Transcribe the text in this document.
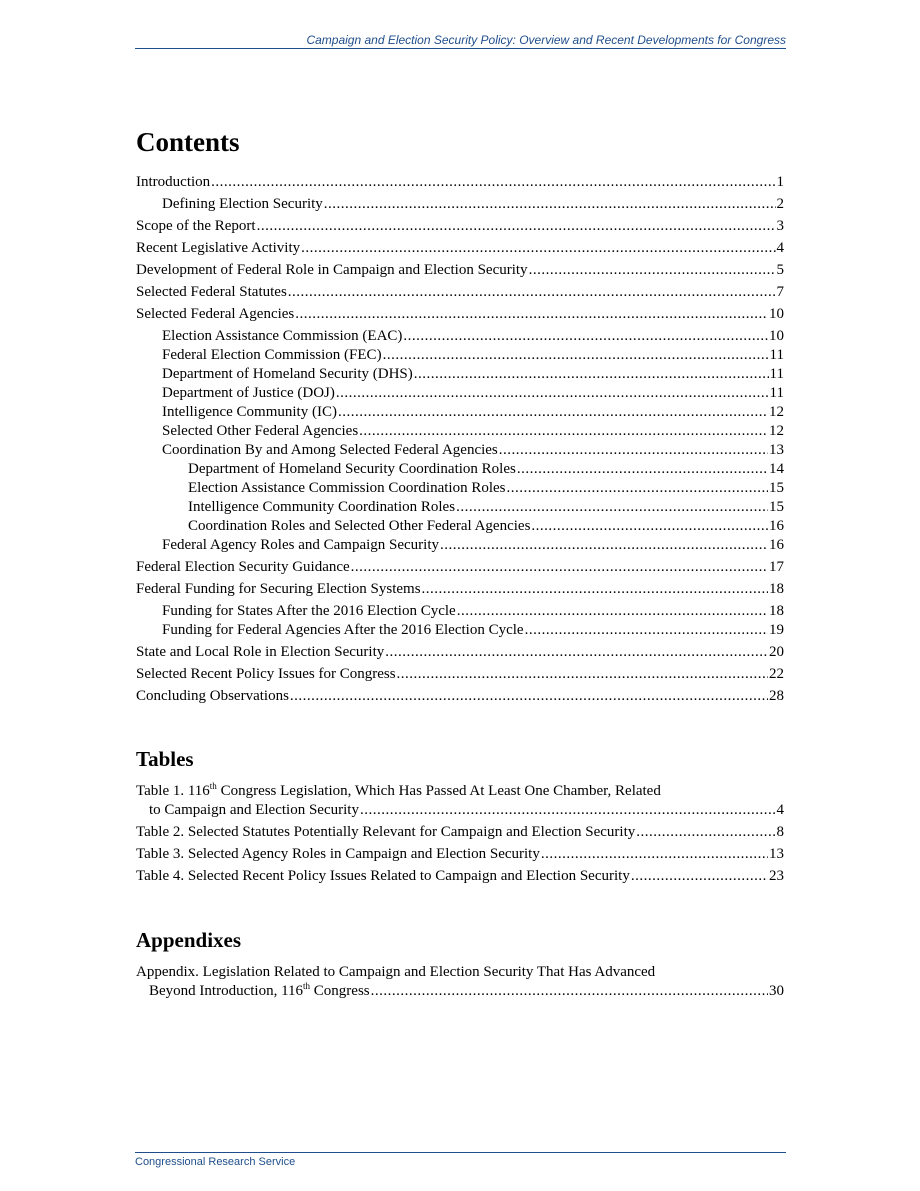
Campaign and Election Security Policy: Overview and Recent Developments for Congress
Contents
Introduction .....	1
Defining Election Security .....	2
Scope of the Report .....	3
Recent Legislative Activity .....	4
Development of Federal Role in Campaign and Election Security .....	5
Selected Federal Statutes .....	7
Selected Federal Agencies .....	10
Election Assistance Commission (EAC) .....	10
Federal Election Commission (FEC) .....	11
Department of Homeland Security (DHS) .....	11
Department of Justice (DOJ) .....	11
Intelligence Community (IC) .....	12
Selected Other Federal Agencies .....	12
Coordination By and Among Selected Federal Agencies .....	13
Department of Homeland Security Coordination Roles .....	14
Election Assistance Commission Coordination Roles .....	15
Intelligence Community Coordination Roles .....	15
Coordination Roles and Selected Other Federal Agencies .....	16
Federal Agency Roles and Campaign Security .....	16
Federal Election Security Guidance .....	17
Federal Funding for Securing Election Systems .....	18
Funding for States After the 2016 Election Cycle .....	18
Funding for Federal Agencies After the 2016 Election Cycle .....	19
State and Local Role in Election Security .....	20
Selected Recent Policy Issues for Congress .....	22
Concluding Observations .....	28
Tables
Table 1. 116th Congress Legislation, Which Has Passed At Least One Chamber, Related
to Campaign and Election Security .....	4
Table 2. Selected Statutes Potentially Relevant for Campaign and Election Security .....	8
Table 3. Selected Agency Roles in Campaign and Election Security .....	13
Table 4. Selected Recent Policy Issues Related to Campaign and Election Security .....	23
Appendixes
Appendix. Legislation Related to Campaign and Election Security That Has Advanced
Beyond Introduction, 116th Congress .....	30
Congressional Research Service
